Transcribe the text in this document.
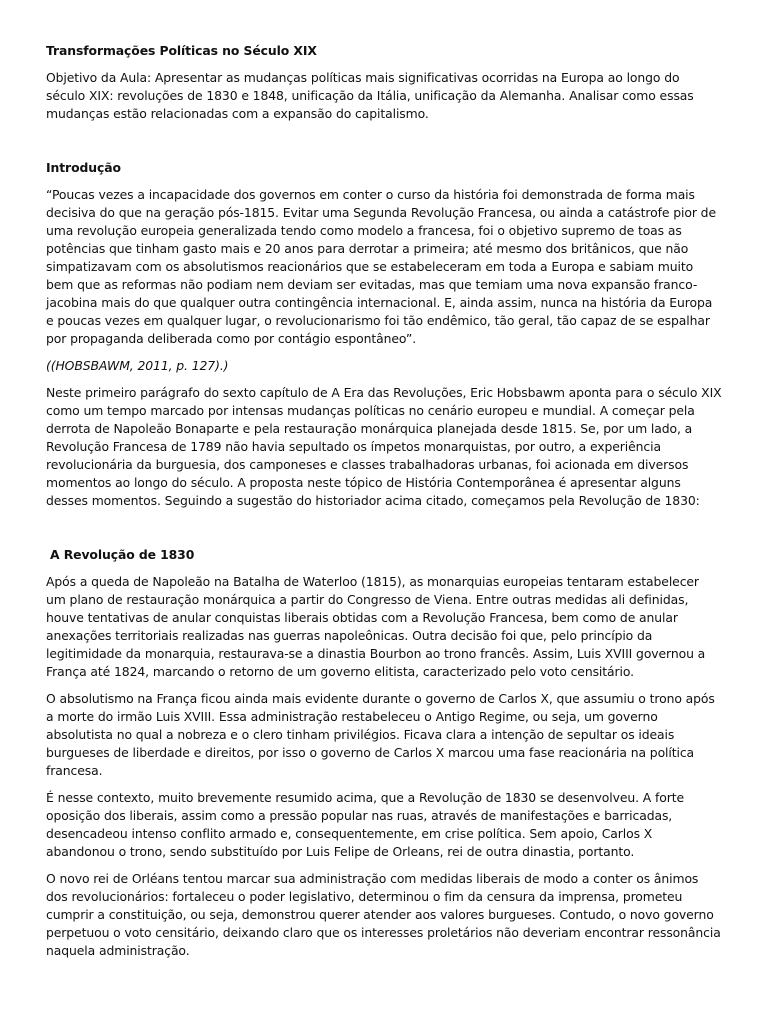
Transformações Políticas no Século XIX

Objetivo da Aula: Apresentar as mudanças políticas mais significativas ocorridas na Europa ao longo do século XIX: revoluções de 1830 e 1848, unificação da Itália, unificação da Alemanha. Analisar como essas mudanças estão relacionadas com a expansão do capitalismo.

Introdução

“Poucas vezes a incapacidade dos governos em conter o curso da história foi demonstrada de forma mais decisiva do que na geração pós-1815. Evitar uma Segunda Revolução Francesa, ou ainda a catástrofe pior de uma revolução europeia generalizada tendo como modelo a francesa, foi o objetivo supremo de toas as potências que tinham gasto mais e 20 anos para derrotar a primeira; até mesmo dos britânicos, que não simpatizavam com os absolutismos reacionários que se estabeleceram em toda a Europa e sabiam muito bem que as reformas não podiam nem deviam ser evitadas, mas que temiam uma nova expansão franco-jacobina mais do que qualquer outra contingência internacional. E, ainda assim, nunca na história da Europa e poucas vezes em qualquer lugar, o revolucionarismo foi tão endêmico, tão geral, tão capaz de se espalhar por propaganda deliberada como por contágio espontâneo”.

((HOBSBAWM, 2011, p. 127).)

Neste primeiro parágrafo do sexto capítulo de A Era das Revoluções, Eric Hobsbawm aponta para o século XIX como um tempo marcado por intensas mudanças políticas no cenário europeu e mundial. A começar pela derrota de Napoleão Bonaparte e pela restauração monárquica planejada desde 1815. Se, por um lado, a Revolução Francesa de 1789 não havia sepultado os ímpetos monarquistas, por outro, a experiência revolucionária da burguesia, dos camponeses e classes trabalhadoras urbanas, foi acionada em diversos momentos ao longo do século. A proposta neste tópico de História Contemporânea é apresentar alguns desses momentos. Seguindo a sugestão do historiador acima citado, começamos pela Revolução de 1830:

A Revolução de 1830

Após a queda de Napoleão na Batalha de Waterloo (1815), as monarquias europeias tentaram estabelecer um plano de restauração monárquica a partir do Congresso de Viena. Entre outras medidas ali definidas, houve tentativas de anular conquistas liberais obtidas com a Revolução Francesa, bem como de anular anexações territoriais realizadas nas guerras napoleônicas. Outra decisão foi que, pelo princípio da legitimidade da monarquia, restaurava-se a dinastia Bourbon ao trono francês. Assim, Luis XVIII governou a França até 1824, marcando o retorno de um governo elitista, caracterizado pelo voto censitário.

O absolutismo na França ficou ainda mais evidente durante o governo de Carlos X, que assumiu o trono após a morte do irmão Luis XVIII. Essa administração restabeleceu o Antigo Regime, ou seja, um governo absolutista no qual a nobreza e o clero tinham privilégios. Ficava clara a intenção de sepultar os ideais burgueses de liberdade e direitos, por isso o governo de Carlos X marcou uma fase reacionária na política francesa.

É nesse contexto, muito brevemente resumido acima, que a Revolução de 1830 se desenvolveu. A forte oposição dos liberais, assim como a pressão popular nas ruas, através de manifestações e barricadas, desencadeou intenso conflito armado e, consequentemente, em crise política. Sem apoio, Carlos X abandonou o trono, sendo substituído por Luis Felipe de Orleans, rei de outra dinastia, portanto.

O novo rei de Orléans tentou marcar sua administração com medidas liberais de modo a conter os ânimos dos revolucionários: fortaleceu o poder legislativo, determinou o fim da censura da imprensa, prometeu cumprir a constituição, ou seja, demonstrou querer atender aos valores burgueses. Contudo, o novo governo perpetuou o voto censitário, deixando claro que os interesses proletários não deveriam encontrar ressonância naquela administração.
